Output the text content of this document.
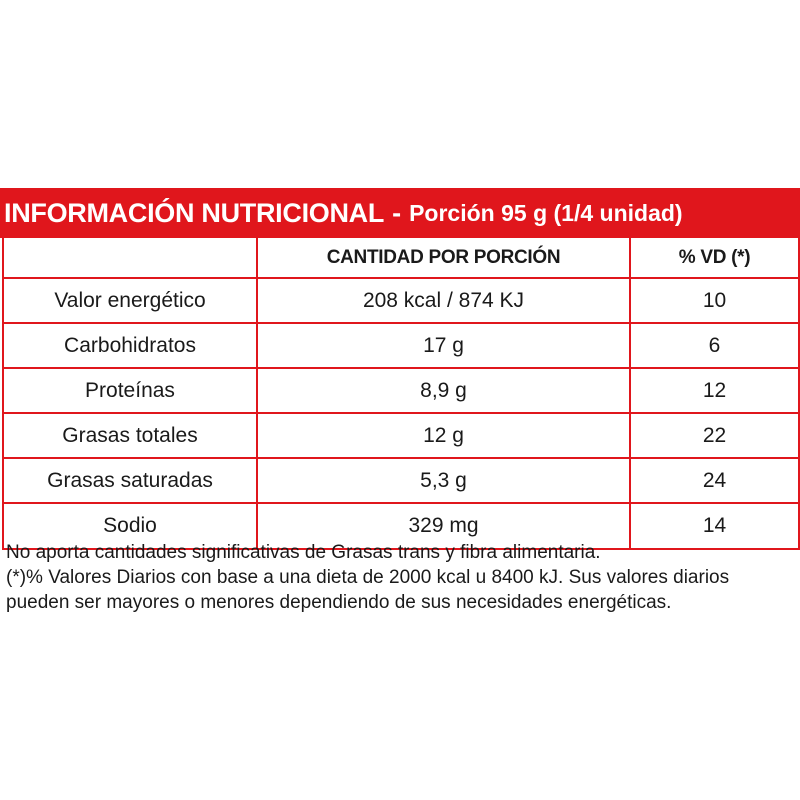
INFORMACIÓN NUTRICIONAL - Porción 95 g (1/4 unidad)
	CANTIDAD POR PORCIÓN	% VD (*)
Valor energético	208 kcal / 874 KJ	10
Carbohidratos	17 g	6
Proteínas	8,9 g	12
Grasas totales	12 g	22
Grasas saturadas	5,3 g	24
Sodio	329 mg	14

No aporta cantidades significativas de Grasas trans y fibra alimentaria.

(*)% Valores Diarios con base a una dieta de 2000 kcal u 8400 kJ. Sus valores diarios pueden ser mayores o menores dependiendo de sus necesidades energéticas.
